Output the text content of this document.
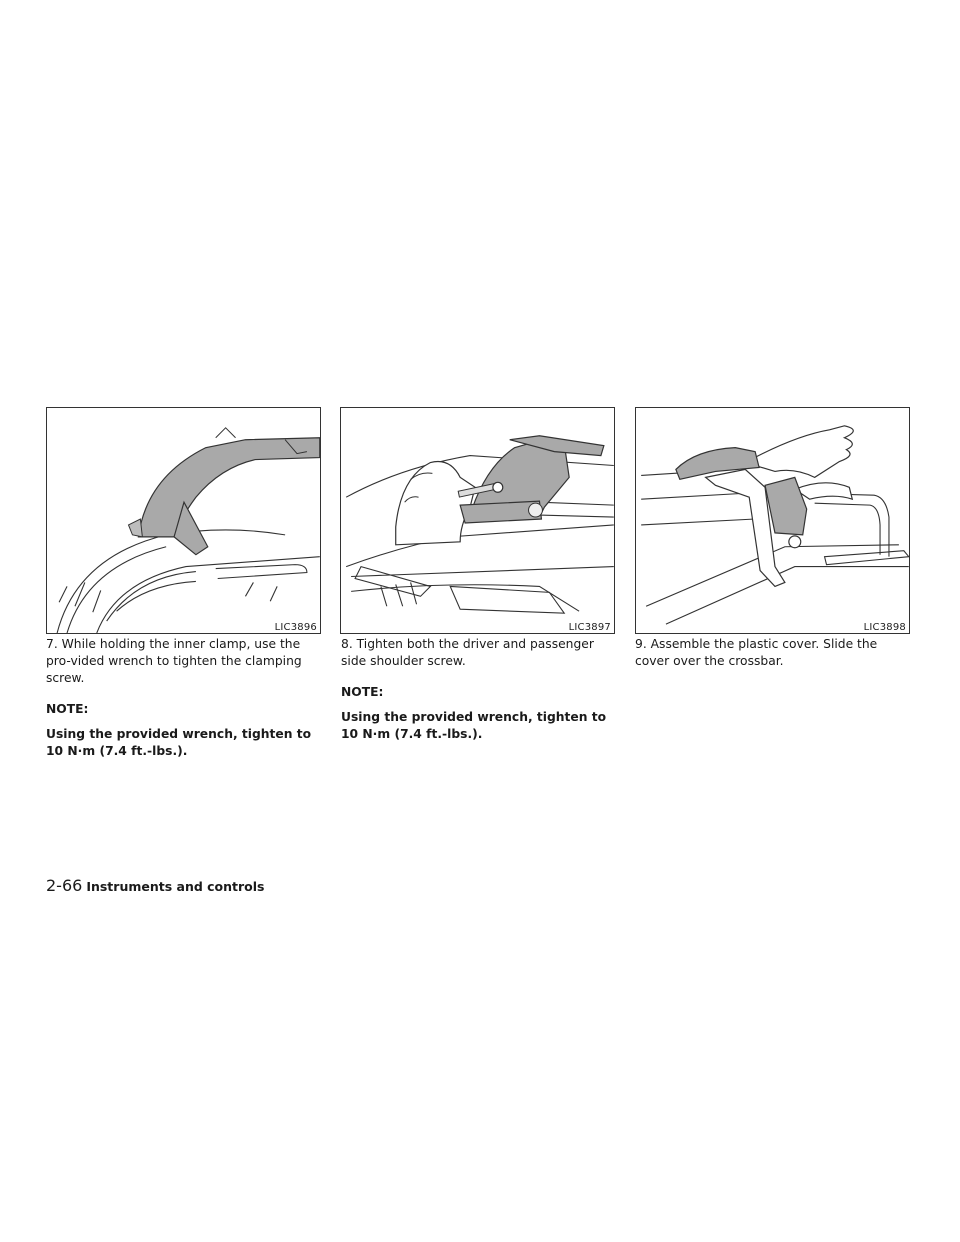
LIC3896	LIC3897	LIC3898

7. While holding the inner clamp, use the pro-vided wrench to tighten the clamping screw.

NOTE:

Using the provided wrench, tighten to 10 N·m (7.4 ft.-lbs.).

8. Tighten both the driver and passenger side shoulder screw.

NOTE:

Using the provided wrench, tighten to 10 N·m (7.4 ft.-lbs.).

9. Assemble the plastic cover. Slide the cover over the crossbar.

2-66 Instruments and controls
